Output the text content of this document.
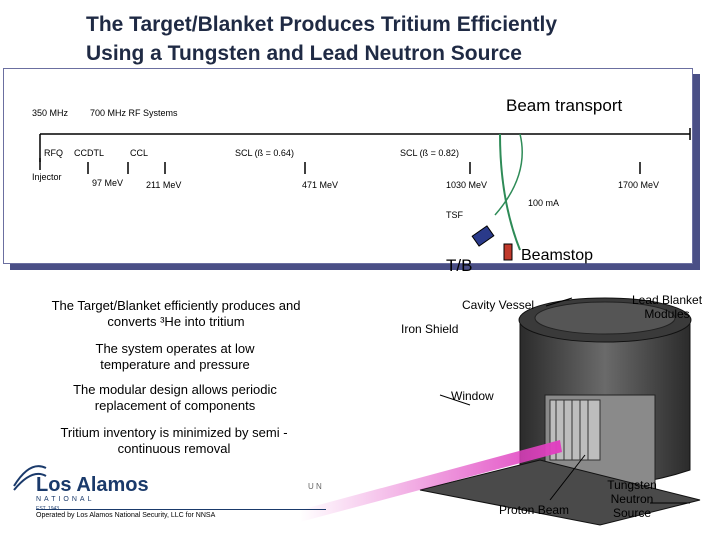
The Target/Blanket Produces Tritium Efficiently
Using a Tungsten and Lead Neutron Source
350 MHz 700 MHz RF Systems	Beam transport
RFQ CCDTL	CCL	SCL (ß = 0.64)	SCL (ß = 0.82)
Injector
97 MeV	211 MeV	471 MeV	1030 MeV	1700 MeV
100 mA
TSF
T/B
Beamstop
The Target/Blanket efficiently produces and converts ³He into tritium
The system operates at low temperature and pressure
The modular design allows periodic replacement of components
Tritium inventory is minimized by semi -continuous removal
Cavity Vessel	Lead Blanket Modules
Iron Shield
Window
Proton Beam
Tungsten Neutron Source
Los Alamos
NATIONAL
EST. 1943
Operated by Los Alamos National Security, LLC for NNSA
U N
